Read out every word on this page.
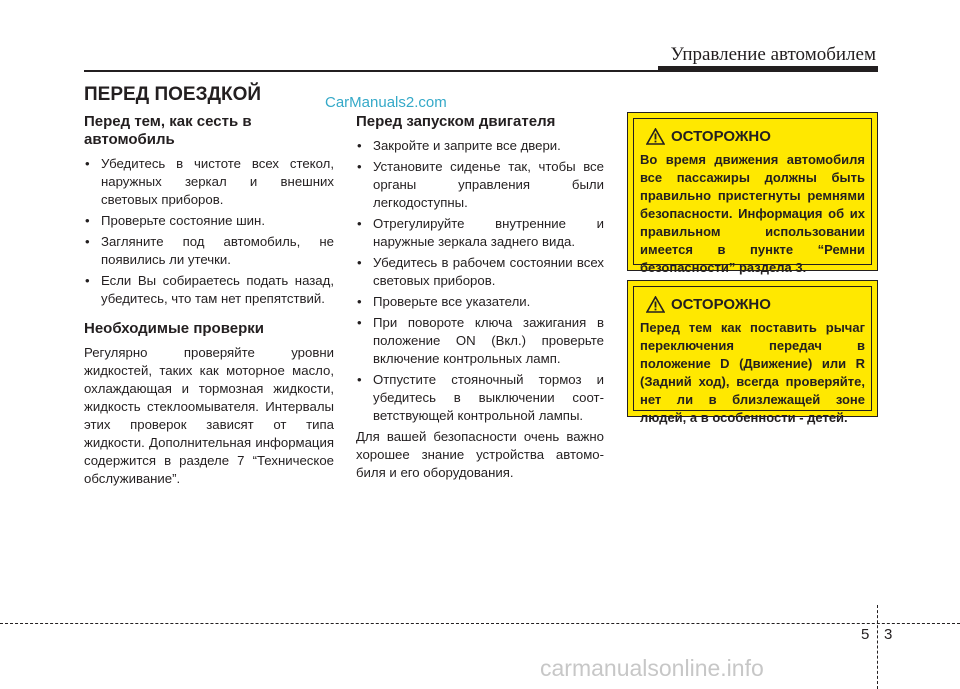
Управление автомобилем
ПЕРЕД ПОЕЗДКОЙ	CarManuals2.com
Перед тем, как сесть в автомобиль
• Убедитесь в чистоте всех стекол, наружных зеркал и внешних световых приборов.
• Проверьте состояние шин.
• Загляните под автомобиль, не появились ли утечки.
• Если Вы собираетесь подать назад, убедитесь, что там нет препятствий.
Необходимые проверки

Регулярно проверяйте уровни жидкостей, таких как моторное масло, охлаждающая и тормозная жидкости, жидкость стеклоомывателя. Интервалы этих проверок зависят от типа жидкости. Дополнительная информация содержится в разделе 7 “Техническое обслуживание”.

Перед запуском двигателя
• Закройте и заприте все двери.
• Установите сиденье так, чтобы все органы управления были легкодоступны.
• Отрегулируйте внутренние и наружные зеркала заднего вида.
• Убедитесь в рабочем состоянии всех световых приборов.
• Проверьте все указатели.
• При повороте ключа зажигания в положение ON (Вкл.) проверьте включение контрольных ламп.
• Отпустите стояночный тормоз и убедитесь в выключении соот-ветствующей контрольной лампы.

Для вашей безопасности очень важно хорошее знание устройства автомо-биля и его оборудования.

ОСТОРОЖНО
Во время движения автомобиля все пассажиры должны быть правильно пристегнуты ремнями безопасности. Информация об их правильном использовании имеется в пункте “Ремни безопасности” раздела 3.
ОСТОРОЖНО
Перед тем как поставить рычаг переключения передач в положение D (Движение) или R (Задний ход), всегда проверяйте, нет ли в близлежащей зоне людей, а в особенности - детей.
5 3
carmanualsonline.info
